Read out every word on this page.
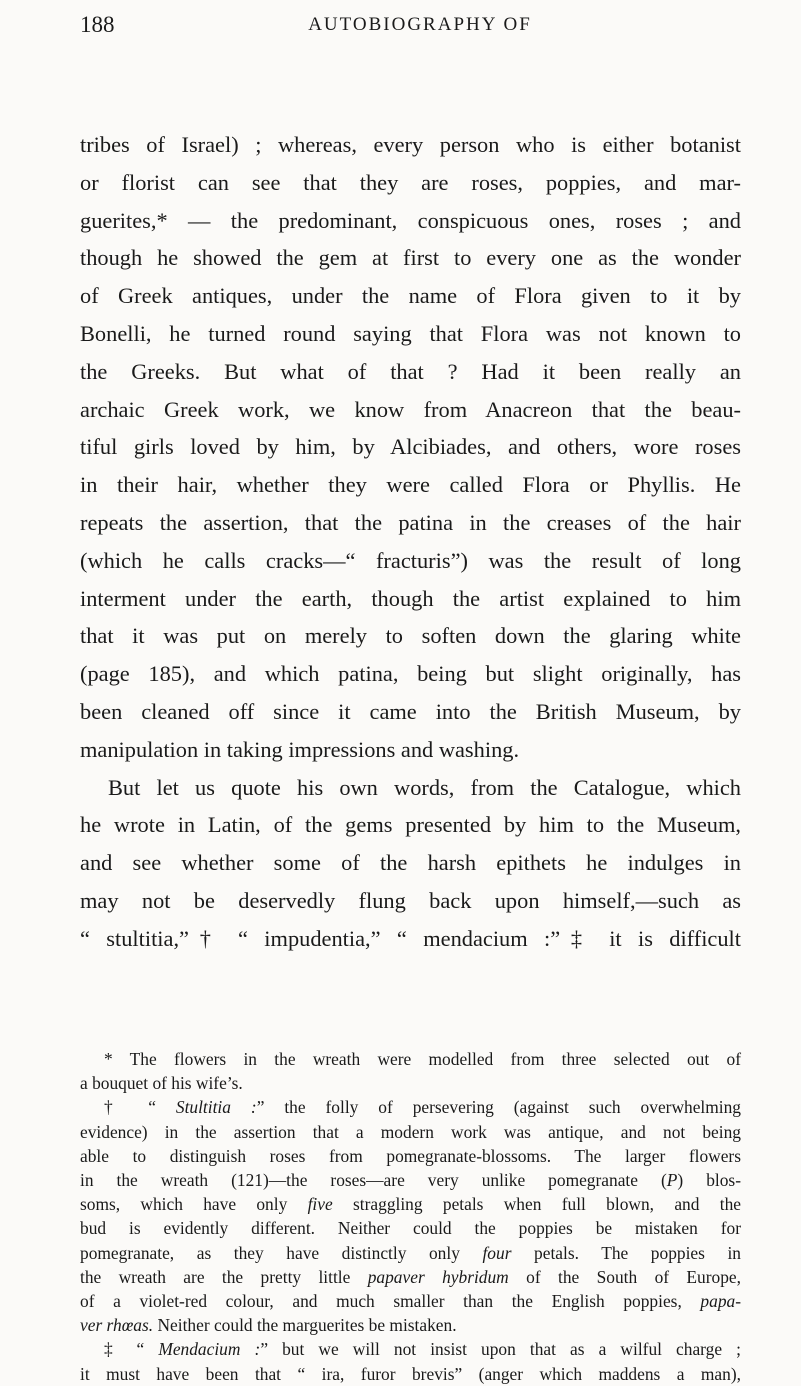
188	AUTOBIOGRAPHY OF

tribes of Israel) ; whereas, every person who is either botanist
or florist can see that they are roses, poppies, and mar-
guerites,* — the predominant, conspicuous ones, roses ; and
though he showed the gem at first to every one as the wonder
of Greek antiques, under the name of Flora given to it by
Bonelli, he turned round saying that Flora was not known to
the Greeks. But what of that ? Had it been really an
archaic Greek work, we know from Anacreon that the beau-
tiful girls loved by him, by Alcibiades, and others, wore roses
in their hair, whether they were called Flora or Phyllis. He
repeats the assertion, that the patina in the creases of the hair
(which he calls cracks—“ fracturis”) was the result of long
interment under the earth, though the artist explained to him
that it was put on merely to soften down the glaring white
(page 185), and which patina, being but slight originally, has
been cleaned off since it came into the British Museum, by
manipulation in taking impressions and washing.

But let us quote his own words, from the Catalogue, which
he wrote in Latin, of the gems presented by him to the Museum,
and see whether some of the harsh epithets he indulges in
may not be deservedly flung back upon himself,—such as
“ stultitia,”† “ impudentia,” “ mendacium :”‡ it is difficult

* The flowers in the wreath were modelled from three selected out of
a bouquet of his wife’s.

† “ Stultitia :” the folly of persevering (against such overwhelming
evidence) in the assertion that a modern work was antique, and not being
able to distinguish roses from pomegranate-blossoms. The larger flowers
in the wreath (121)—the roses—are very unlike pomegranate (P) blos-
soms, which have only five straggling petals when full blown, and the
bud is evidently different. Neither could the poppies be mistaken for
pomegranate, as they have distinctly only four petals. The poppies in
the wreath are the pretty little papaver hybridum of the South of Europe,
of a violet-red colour, and much smaller than the English poppies, papa-
ver rhœas. Neither could the marguerites be mistaken.

‡ “ Mendacium :” but we will not insist upon that as a wilful charge ;
it must have been that “ ira, furor brevis” (anger which maddens a man),
